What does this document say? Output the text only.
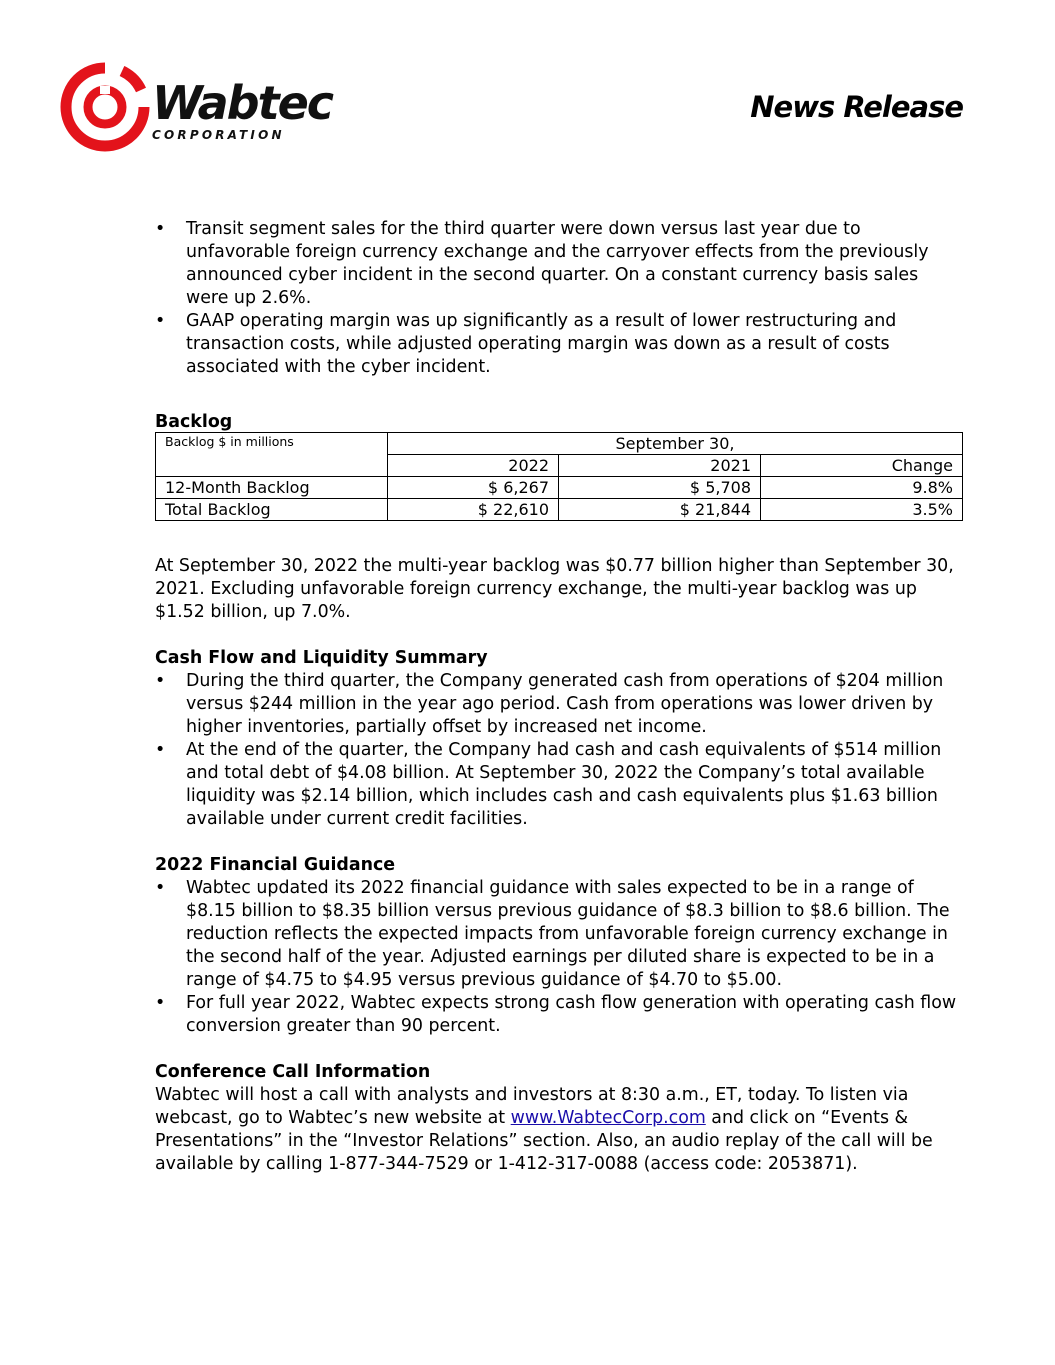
Wabtec
CORPORATION
News Release
• Transit segment sales for the third quarter were down versus last year due to unfavorable foreign currency exchange and the carryover effects from the previously announced cyber incident in the second quarter. On a constant currency basis sales were up 2.6%.
• GAAP operating margin was up significantly as a result of lower restructuring and transaction costs, while adjusted operating margin was down as a result of costs associated with the cyber incident.
Backlog
Backlog $ in millions	September 30,		
	2022	2021	Change
12-Month Backlog	$ 6,267	$ 5,708	9.8%
Total Backlog	$ 22,610	$ 21,844	3.5%

At September 30, 2022 the multi-year backlog was $0.77 billion higher than September 30, 2021. Excluding unfavorable foreign currency exchange, the multi-year backlog was up $1.52 billion, up 7.0%.

Cash Flow and Liquidity Summary
• During the third quarter, the Company generated cash from operations of $204 million versus $244 million in the year ago period. Cash from operations was lower driven by higher inventories, partially offset by increased net income.
• At the end of the quarter, the Company had cash and cash equivalents of $514 million and total debt of $4.08 billion. At September 30, 2022 the Company’s total available liquidity was $2.14 billion, which includes cash and cash equivalents plus $1.63 billion available under current credit facilities.
2022 Financial Guidance
• Wabtec updated its 2022 financial guidance with sales expected to be in a range of $8.15 billion to $8.35 billion versus previous guidance of $8.3 billion to $8.6 billion. The reduction reflects the expected impacts from unfavorable foreign currency exchange in the second half of the year. Adjusted earnings per diluted share is expected to be in a range of $4.75 to $4.95 versus previous guidance of $4.70 to $5.00.
• For full year 2022, Wabtec expects strong cash flow generation with operating cash flow conversion greater than 90 percent.
Conference Call Information

Wabtec will host a call with analysts and investors at 8:30 a.m., ET, today. To listen via webcast, go to Wabtec’s new website at www.WabtecCorp.com and click on “Events & Presentations” in the “Investor Relations” section. Also, an audio replay of the call will be available by calling 1-877-344-7529 or 1-412-317-0088 (access code: 2053871).
